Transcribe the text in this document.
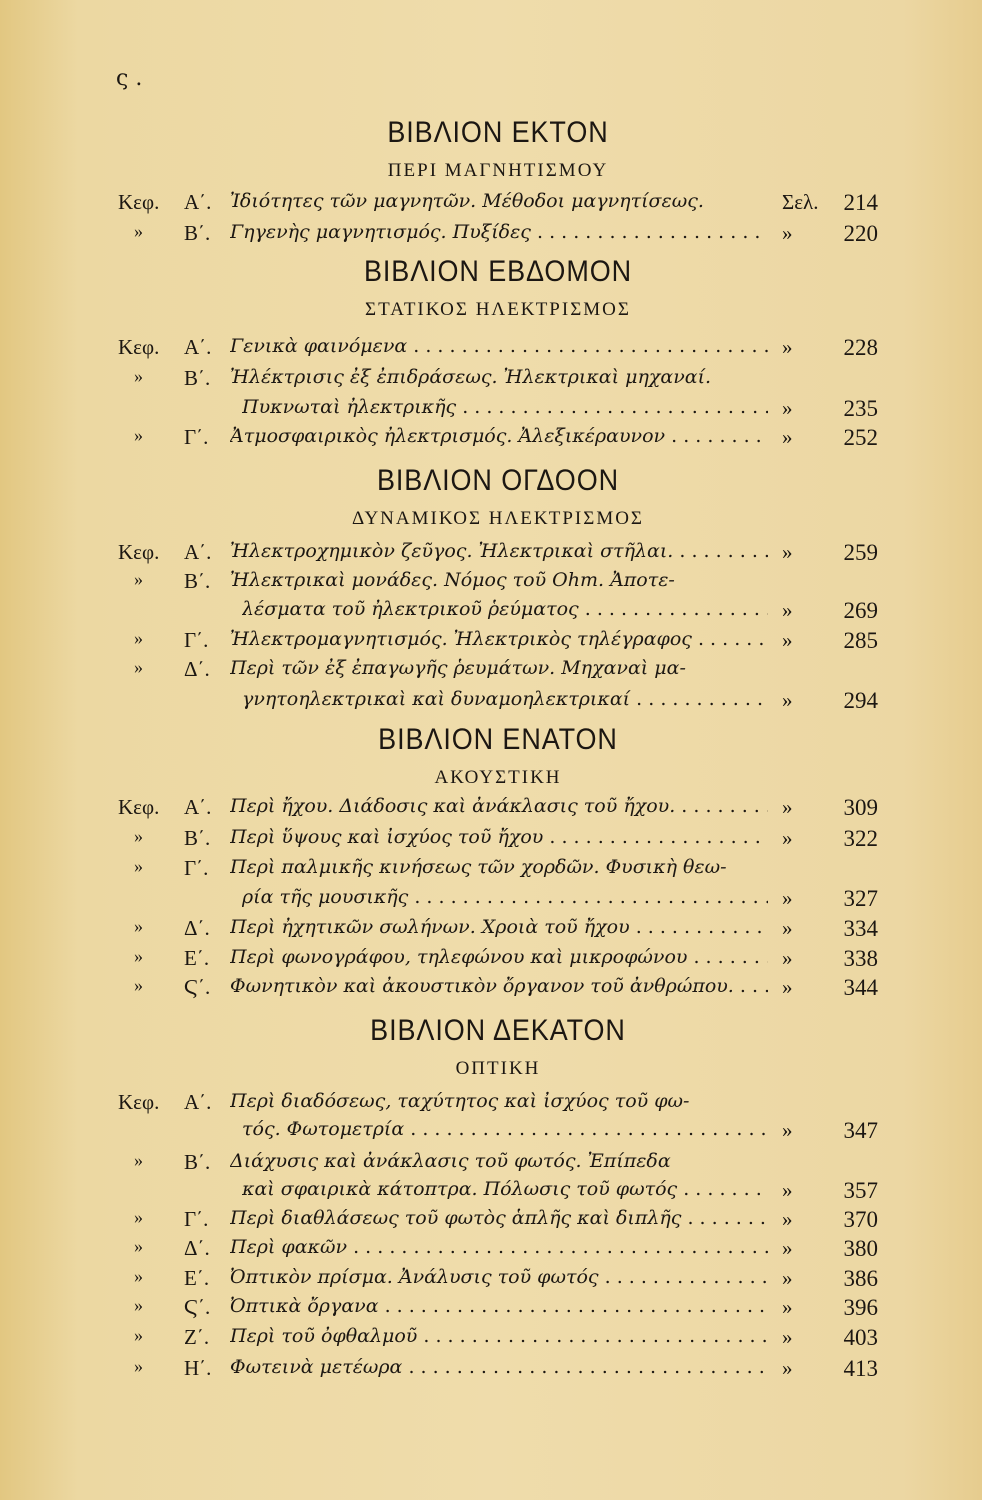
ς .
ΒΙΒΛΙΟΝ ΕΚΤΟΝ
ΠΕΡΙ ΜΑΓΝΗΤΙΣΜΟΥ
Κεφ.	Α΄. Ἰδιότητες τῶν μαγνητῶν. Μέθοδοι μαγνητίσεως.	Σελ.	214
»	Β΄.	Γηγενὴς μαγνητισμός. Πυξίδες . . .	»	220
ΒΙΒΛΙΟΝ ΕΒΔΟΜΟΝ
ΣΤΑΤΙΚΟΣ ΗΛΕΚΤΡΙΣΜΟΣ
Κεφ.	Α΄. Γενικὰ φαινόμενα . . .	»	228
»	Β΄.	Ἠλέκτρισις ἐξ ἐπιδράσεως. Ἠλεκτρικαὶ μηχαναί.
Πυκνωταὶ ἠλεκτρικῆς . . .	»	235
»	Γ΄.	Ἀτμοσφαιρικὸς ἠλεκτρισμός. Ἀλεξικέραυνον . . .	»	252
ΒΙΒΛΙΟΝ ΟΓΔΟΟΝ
ΔΥΝΑΜΙΚΟΣ ΗΛΕΚΤΡΙΣΜΟΣ
Κεφ.	Α΄. Ἠλεκτροχημικὸν ζεῦγος. Ἠλεκτρικαὶ στῆλαι. . . .	»	259
»	Β΄.	Ἠλεκτρικαὶ μονάδες. Νόμος τοῦ Ohm. Ἀποτε-
λέσματα τοῦ ἠλεκτρικοῦ ῥεύματος . . .	»	269
»	Γ΄.	Ἠλεκτρομαγνητισμός. Ἠλεκτρικὸς τηλέγραφος . . .	»	285
»	Δ΄.	Περὶ τῶν ἐξ ἐπαγωγῆς ῥευμάτων. Μηχαναὶ μα-
γνητοηλεκτρικαὶ καὶ δυναμοηλεκτρικαί . . .	»	294
ΒΙΒΛΙΟΝ ΕΝΑΤΟΝ
ΑΚΟΥΣΤΙΚΗ
Κεφ.	Α΄. Περὶ ἤχου. Διάδοσις καὶ ἀνάκλασις τοῦ ἤχου. . . .	»	309
»	Β΄.	Περὶ ὕψους καὶ ἰσχύος τοῦ ἤχου . . .	»	322
»	Γ΄.	Περὶ παλμικῆς κινήσεως τῶν χορδῶν. Φυσικὴ θεω-
ρία τῆς μουσικῆς . . .	»	327
»	Δ΄.	Περὶ ἠχητικῶν σωλήνων. Χροιὰ τοῦ ἤχου . . .	»	334
»	Ε΄.	Περὶ φωνογράφου, τηλεφώνου καὶ μικροφώνου . . .	»	338
»	Ϛ΄.	Φωνητικὸν καὶ ἀκουστικὸν ὄργανον τοῦ ἀνθρώπου. . . .	»	344
ΒΙΒΛΙΟΝ ΔΕΚΑΤΟΝ
ΟΠΤΙΚΗ
Κεφ.	Α΄. Περὶ διαδόσεως, ταχύτητος καὶ ἰσχύος τοῦ φω-
τός. Φωτομετρία . . .	»	347
»	Β΄.	Διάχυσις καὶ ἀνάκλασις τοῦ φωτός. Ἐπίπεδα
καὶ σφαιρικὰ κάτοπτρα. Πόλωσις τοῦ φωτός . . .	»	357
»	Γ΄.	Περὶ διαθλάσεως τοῦ φωτὸς ἁπλῆς καὶ διπλῆς . . .	»	370
»	Δ΄.	Περὶ φακῶν . . .	»	380
»	Ε΄.	Ὀπτικὸν πρίσμα. Ἀνάλυσις τοῦ φωτός . . .	»	386
»	Ϛ΄.	Ὀπτικὰ ὄργανα . . .	»	396
»	Ζ΄.	Περὶ τοῦ ὀφθαλμοῦ . . .	»	403
»	Η΄. Φωτεινὰ μετέωρα . . .	»	413
